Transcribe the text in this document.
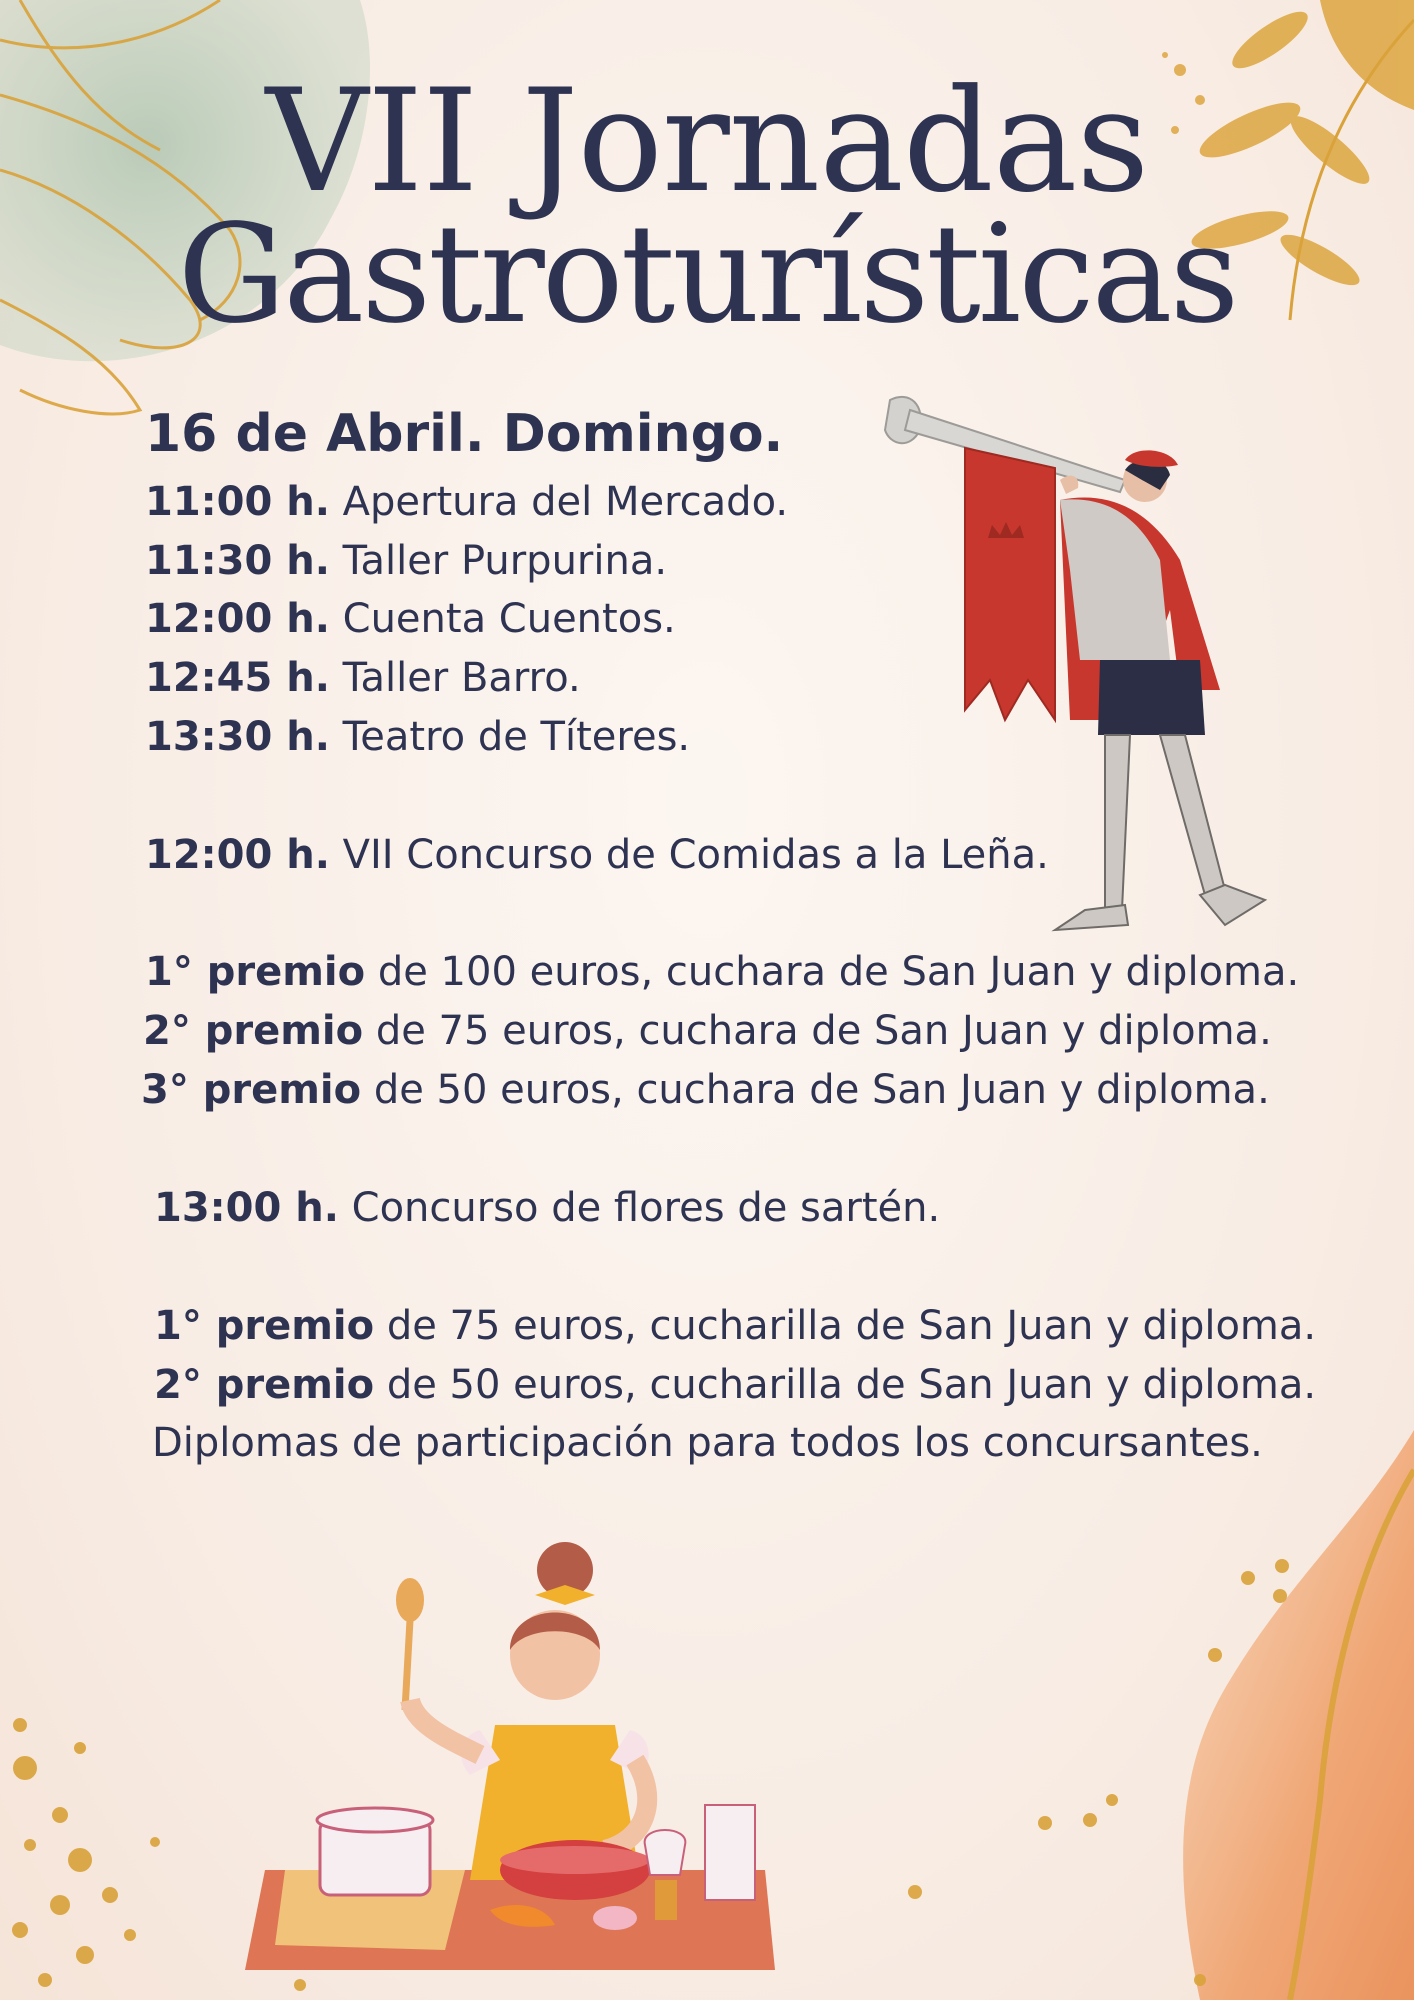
VII Jornadas
Gastroturísticas
16 de Abril. Domingo.
11:00 h. Apertura del Mercado.
11:30 h. Taller Purpurina.
12:00 h. Cuenta Cuentos.
12:45 h. Taller Barro.
13:30 h. Teatro de Títeres.
12:00 h. VII Concurso de Comidas a la Leña.
1° premio de 100 euros, cuchara de San Juan y diploma.
2° premio de 75 euros, cuchara de San Juan y diploma.
3° premio de 50 euros, cuchara de San Juan y diploma.
13:00 h. Concurso de flores de sartén.
1° premio de 75 euros, cucharilla de San Juan y diploma.
2° premio de 50 euros, cucharilla de San Juan y diploma.
Diplomas de participación para todos los concursantes.
